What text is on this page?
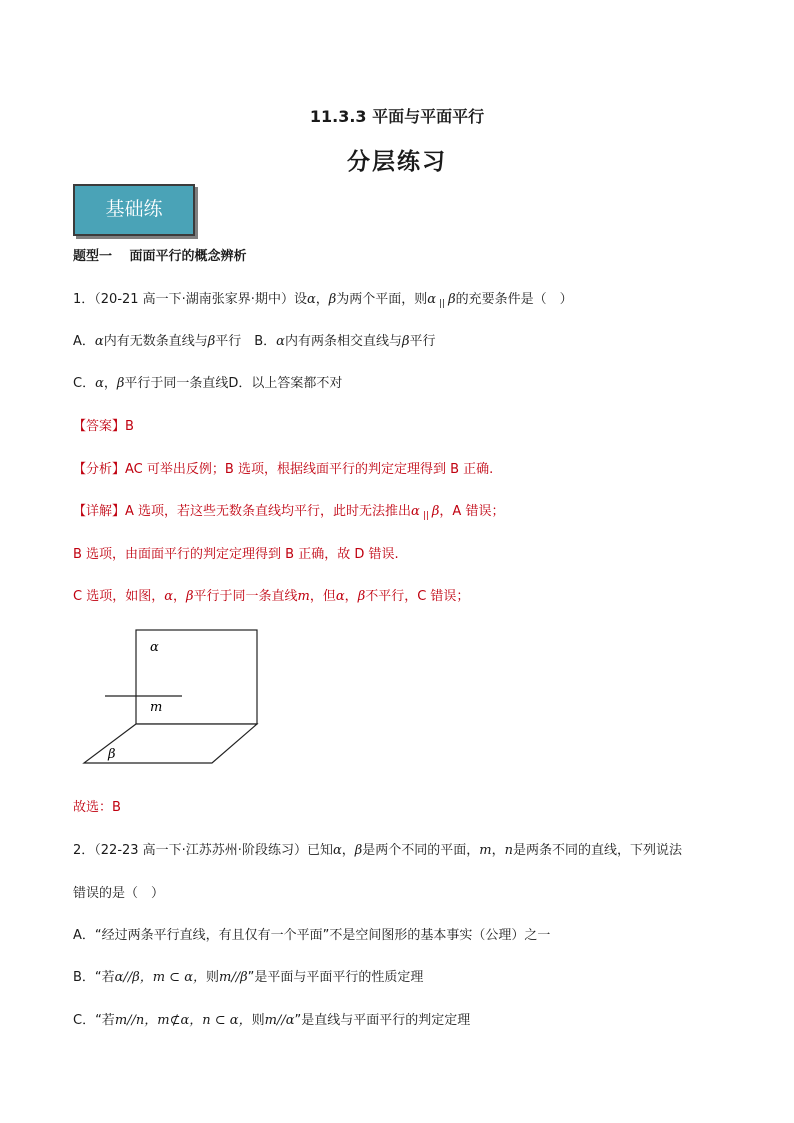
11.3.3 平面与平面平行
分层练习
基础练
题型一　 面面平行的概念辨析
1．（20-21 高一下·湖南张家界·期中）设α，β为两个平面，则α $_{||}$ β的充要条件是（　）
A．α内有无数条直线与β平行　B．α内有两条相交直线与β平行
C．α，β平行于同一条直线D．以上答案都不对
【答案】B
【分析】AC 可举出反例；B 选项，根据线面平行的判定定理得到 B 正确.
【详解】A 选项，若这些无数条直线均平行，此时无法推出α $_{||}$ β，A 错误；
B 选项，由面面平行的判定定理得到 B 正确，故 D 错误.
C 选项，如图，α，β平行于同一条直线m，但α，β不平行，C 错误；
α
m
β
故选：B
2．（22-23 高一下·江苏苏州·阶段练习）已知α，β是两个不同的平面，m，n是两条不同的直线，下列说法
错误的是（　）
A．“经过两条平行直线，有且仅有一个平面”不是空间图形的基本事实（公理）之一
B．“若α//β，m ⊂ α，则m//β”是平面与平面平行的性质定理
C．“若m//n，m⊄α，n ⊂ α，则m//α”是直线与平面平行的判定定理
